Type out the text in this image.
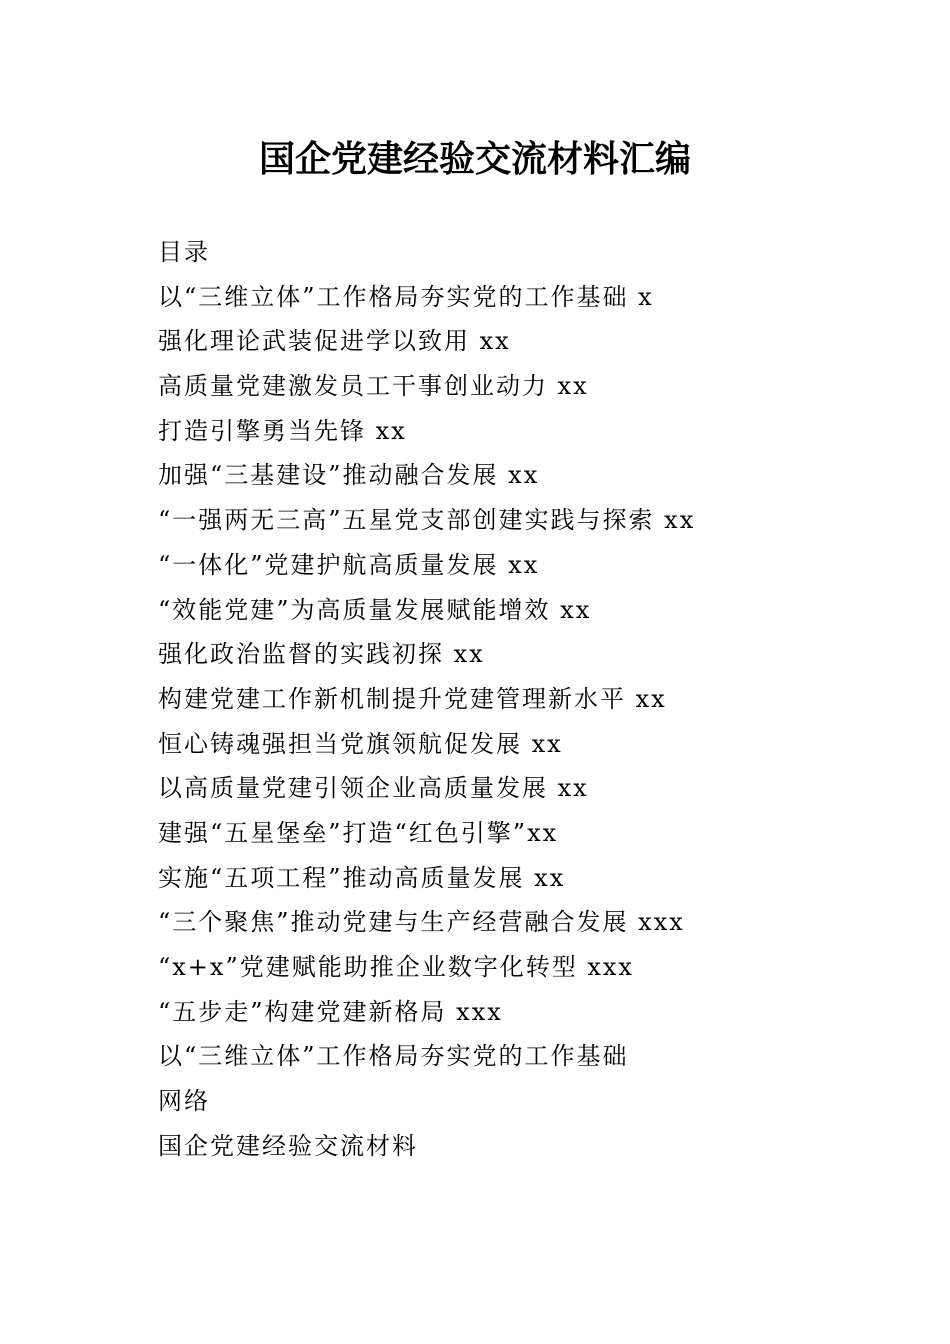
国企党建经验交流材料汇编
目录
以“三维立体”工作格局夯实党的工作基础 x
强化理论武装促进学以致用 xx
高质量党建激发员工干事创业动力 xx
打造引擎勇当先锋 xx
加强“三基建设”推动融合发展 xx
“一强两无三高”五星党支部创建实践与探索 xx
“一体化”党建护航高质量发展 xx
“效能党建”为高质量发展赋能增效 xx
强化政治监督的实践初探 xx
构建党建工作新机制提升党建管理新水平 xx
恒心铸魂强担当党旗领航促发展 xx
以高质量党建引领企业高质量发展 xx
建强“五星堡垒”打造“红色引擎”xx
实施“五项工程”推动高质量发展 xx
“三个聚焦”推动党建与生产经营融合发展 xxx
“x+x”党建赋能助推企业数字化转型 xxx
“五步走”构建党建新格局 xxx
以“三维立体”工作格局夯实党的工作基础
网络
国企党建经验交流材料
